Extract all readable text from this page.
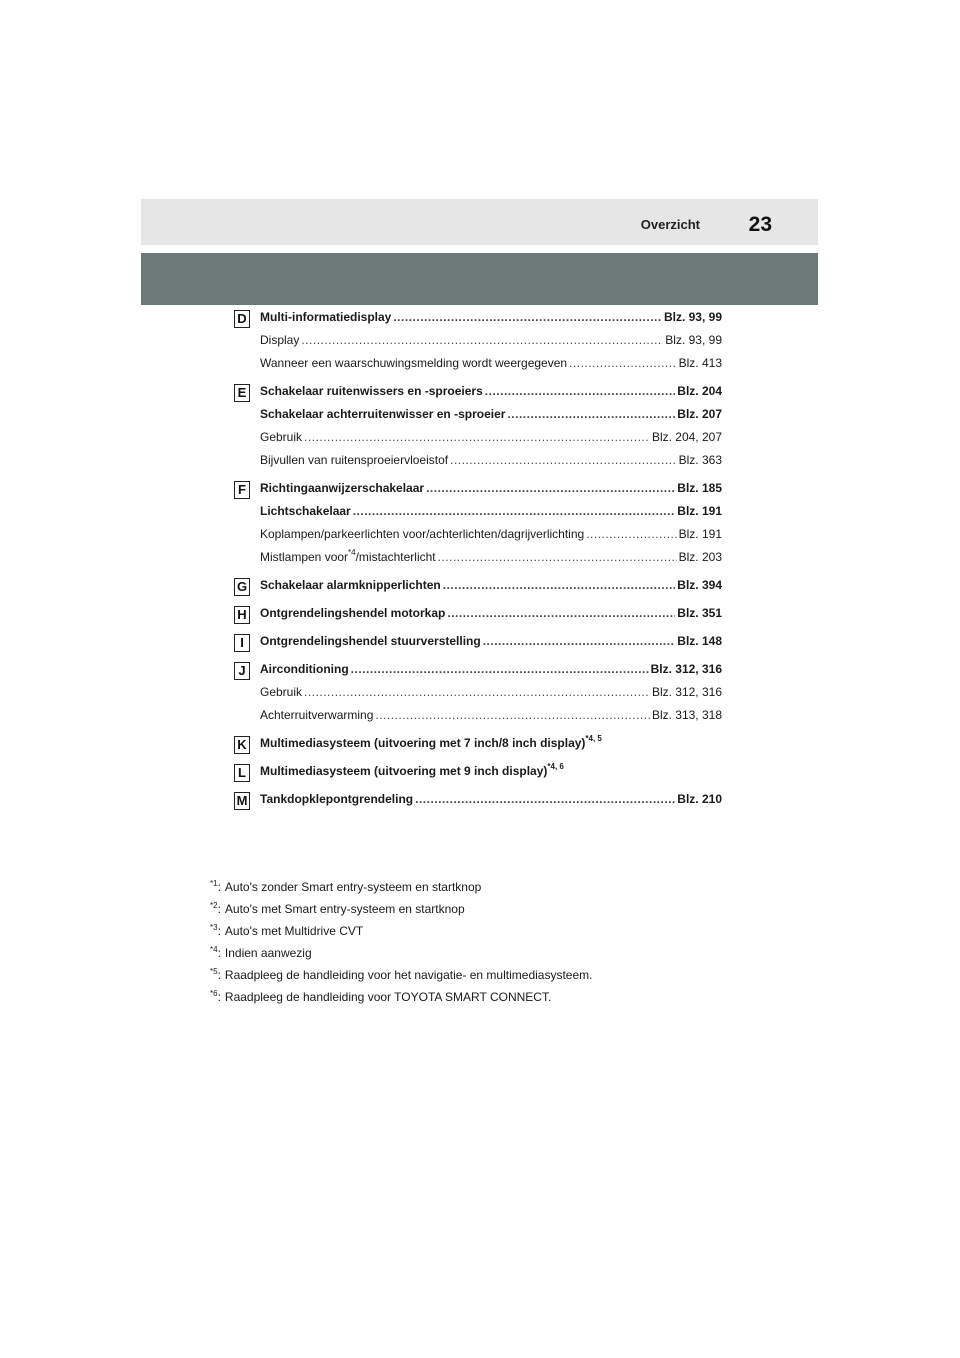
Overzicht 23
D Multi-informatiedisplay .....	Blz. 93, 99
Display .....	Blz. 93, 99
Wanneer een waarschuwingsmelding wordt weergegeven .....	Blz. 413
E	Schakelaar ruitenwissers en -sproeiers .....	Blz. 204
Schakelaar achterruitenwisser en -sproeier .....	Blz. 207
Gebruik .....	Blz. 204, 207
Bijvullen van ruitensproeiervloeistof .....	Blz. 363
F	Richtingaanwijzerschakelaar .....	Blz. 185
Lichtschakelaar .....	Blz. 191
Koplampen/parkeerlichten voor/achterlichten/dagrijverlichting .....	Blz. 191
Mistlampen voor$^{*4}$/mistachterlicht .....	Blz. 203
G Schakelaar alarmknipperlichten .....	Blz. 394
H Ontgrendelingshendel motorkap .....	Blz. 351
I	Ontgrendelingshendel stuurverstelling .....	Blz. 148
J	Airconditioning .....	Blz. 312, 316
Gebruik .....	Blz. 312, 316
Achterruitverwarming .....	Blz. 313, 318
K Multimediasysteem (uitvoering met 7 inch/8 inch display)$^{*4, 5}$
L	Multimediasysteem (uitvoering met 9 inch display)$^{*4, 6}$
M Tankdopklepontgrendeling .....	Blz. 210
$^{*1}$: Auto's zonder Smart entry-systeem en startknop
$^{*2}$: Auto's met Smart entry-systeem en startknop
$^{*3}$: Auto's met Multidrive CVT
$^{*4}$: Indien aanwezig
$^{*5}$: Raadpleeg de handleiding voor het navigatie- en multimediasysteem.
$^{*6}$: Raadpleeg de handleiding voor TOYOTA SMART CONNECT.
